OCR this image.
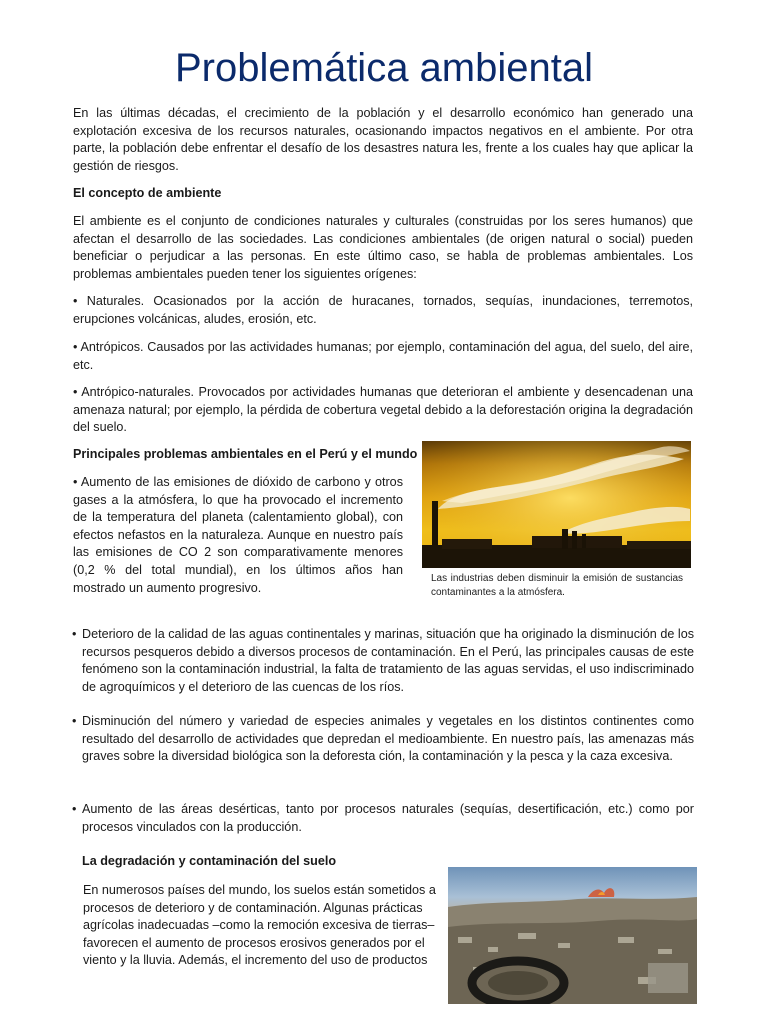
Problemática ambiental

En las últimas décadas, el crecimiento de la población y el desarrollo económico han generado una explotación excesiva de los recursos naturales, ocasionando impactos negativos en el ambiente. Por otra parte, la población debe enfrentar el desafío de los desastres natura les, frente a los cuales hay que aplicar la gestión de riesgos.

El concepto de ambiente

El ambiente es el conjunto de condiciones naturales y culturales (construidas por los seres humanos) que afectan el desarrollo de las sociedades. Las condiciones ambientales (de origen natural o social) pueden beneficiar o perjudicar a las personas. En este último caso, se habla de problemas ambientales. Los problemas ambientales pueden tener los siguientes orígenes:

• Naturales. Ocasionados por la acción de huracanes, tornados, sequías, inundaciones, terremotos, erupciones volcánicas, aludes, erosión, etc.

• Antrópicos. Causados por las actividades humanas; por ejemplo, contaminación del agua, del suelo, del aire, etc.

• Antrópico-naturales. Provocados por actividades humanas que deterioran el ambiente y desencadenan una amenaza natural; por ejemplo, la pérdida de cobertura vegetal debido a la deforestación origina la degradación del suelo.

Principales problemas ambientales en el Perú y el mundo

• Aumento de las emisiones de dióxido de carbono y otros gases a la atmósfera, lo que ha provocado el incremento de la temperatura del planeta (calentamiento global), con efectos nefastos en la naturaleza. Aunque en nuestro país las emisiones de CO 2 son comparativamente menores (0,2 % del total mundial), en los últimos años han mostrado un aumento progresivo.

Las industrias deben disminuir la emisión de sustancias contaminantes a la atmósfera.

• Deterioro de la calidad de las aguas continentales y marinas, situación que ha originado la disminución de los recursos pesqueros debido a diversos procesos de contaminación. En el Perú, las principales causas de este fenómeno son la contaminación industrial, la falta de tratamiento de las aguas servidas, el uso indiscriminado de agroquímicos y el deterioro de las cuencas de los ríos.
• Disminución del número y variedad de especies animales y vegetales en los distintos continentes como resultado del desarrollo de actividades que depredan el medioambiente. En nuestro país, las amenazas más graves sobre la diversidad biológica son la deforesta ción, la contaminación y la pesca y la caza excesiva.
• Aumento de las áreas desérticas, tanto por procesos naturales (sequías, desertificación, etc.) como por procesos vinculados con la producción.

La degradación y contaminación del suelo

En numerosos países del mundo, los suelos están sometidos a procesos de deterioro y de contaminación. Algunas prácticas agrícolas inadecuadas –como la remoción excesiva de tierras– favorecen el aumento de procesos erosivos generados por el viento y la lluvia. Además, el incremento del uso de productos
